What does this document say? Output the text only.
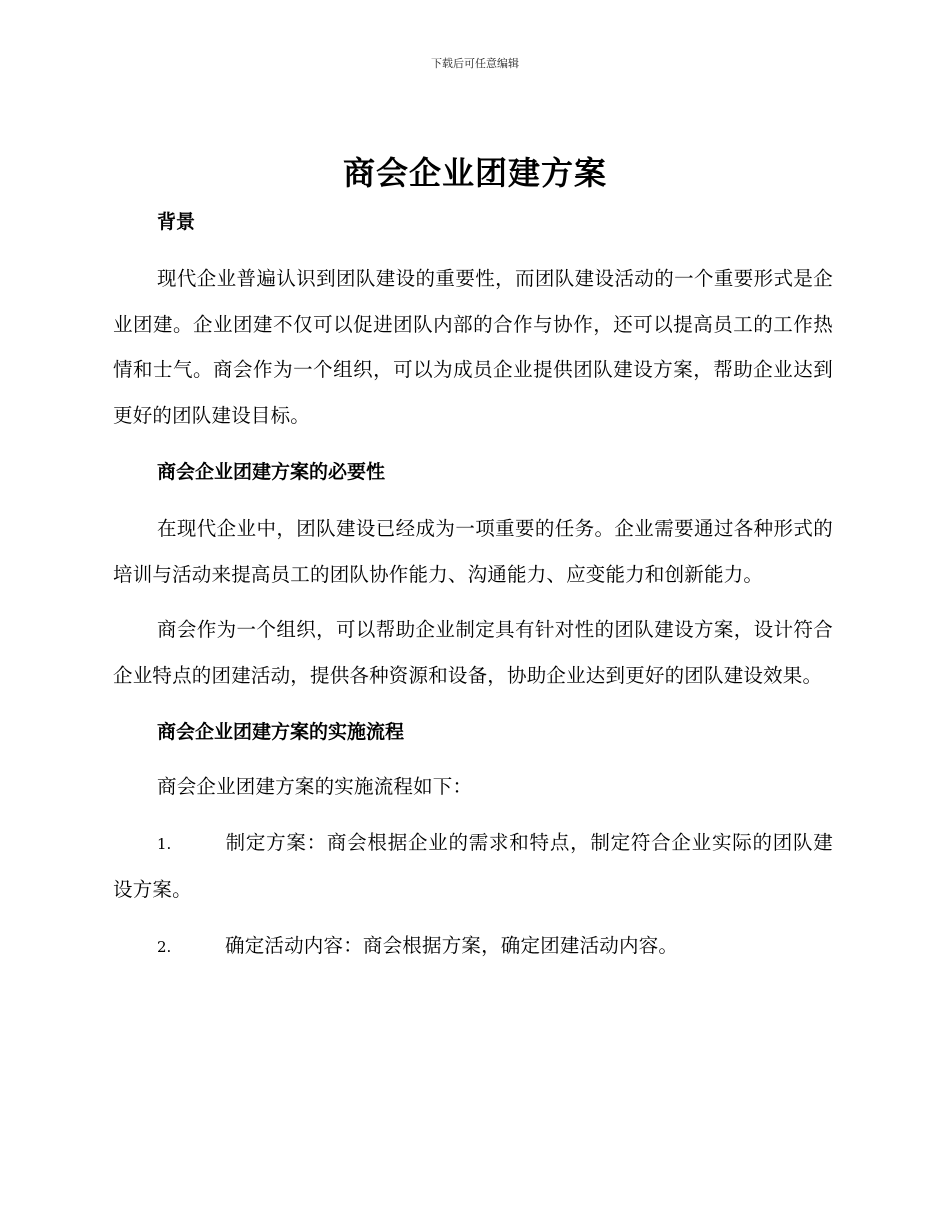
下载后可任意编辑
商会企业团建方案

背景

现代企业普遍认识到团队建设的重要性，而团队建设活动的一个重要形式是企业团建。企业团建不仅可以促进团队内部的合作与协作，还可以提高员工的工作热情和士气。商会作为一个组织，可以为成员企业提供团队建设方案，帮助企业达到更好的团队建设目标。

商会企业团建方案的必要性

在现代企业中，团队建设已经成为一项重要的任务。企业需要通过各种形式的培训与活动来提高员工的团队协作能力、沟通能力、应变能力和创新能力。

商会作为一个组织，可以帮助企业制定具有针对性的团队建设方案，设计符合企业特点的团建活动，提供各种资源和设备，协助企业达到更好的团队建设效果。

商会企业团建方案的实施流程

商会企业团建方案的实施流程如下：

1.	制定方案：商会根据企业的需求和特点，制定符合企业实际的团队建设方案。

2.	确定活动内容：商会根据方案，确定团建活动内容。
